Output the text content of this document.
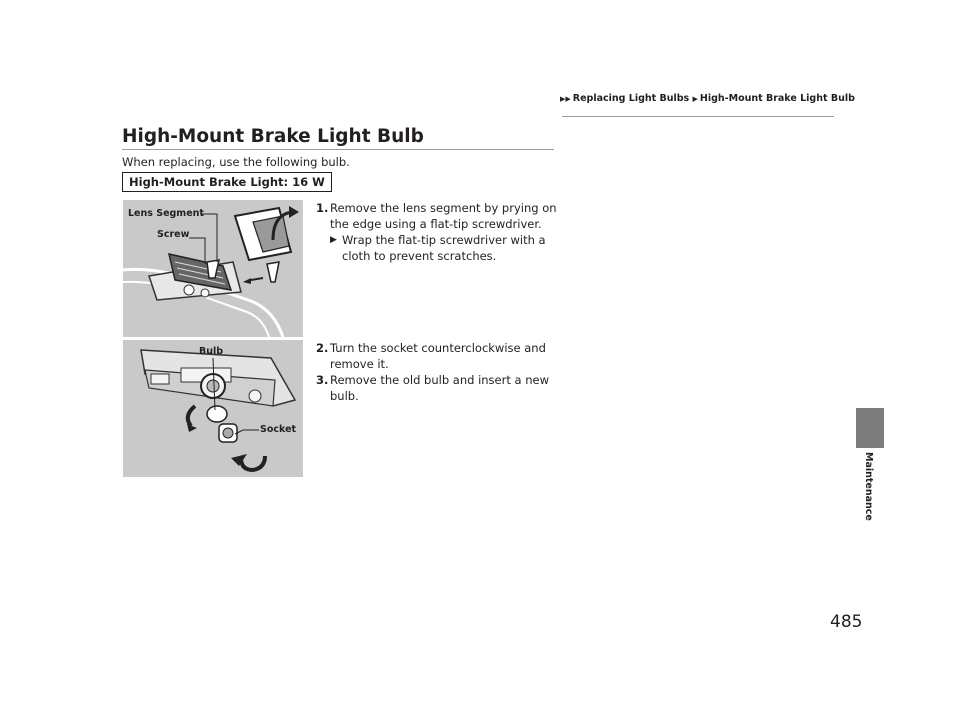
▶▶ Replacing Light Bulbs ▶ High-Mount Brake Light Bulb
High-Mount Brake Light Bulb
When replacing, use the following bulb.
High-Mount Brake Light: 16 W
Lens Segment
Screw
Bulb
Socket
1. Remove the lens segment by prying on the edge using a flat-tip screwdriver.
▶ Wrap the flat-tip screwdriver with a cloth to prevent scratches.
2. Turn the socket counterclockwise and remove it.
3. Remove the old bulb and insert a new bulb.
Maintenance
485
